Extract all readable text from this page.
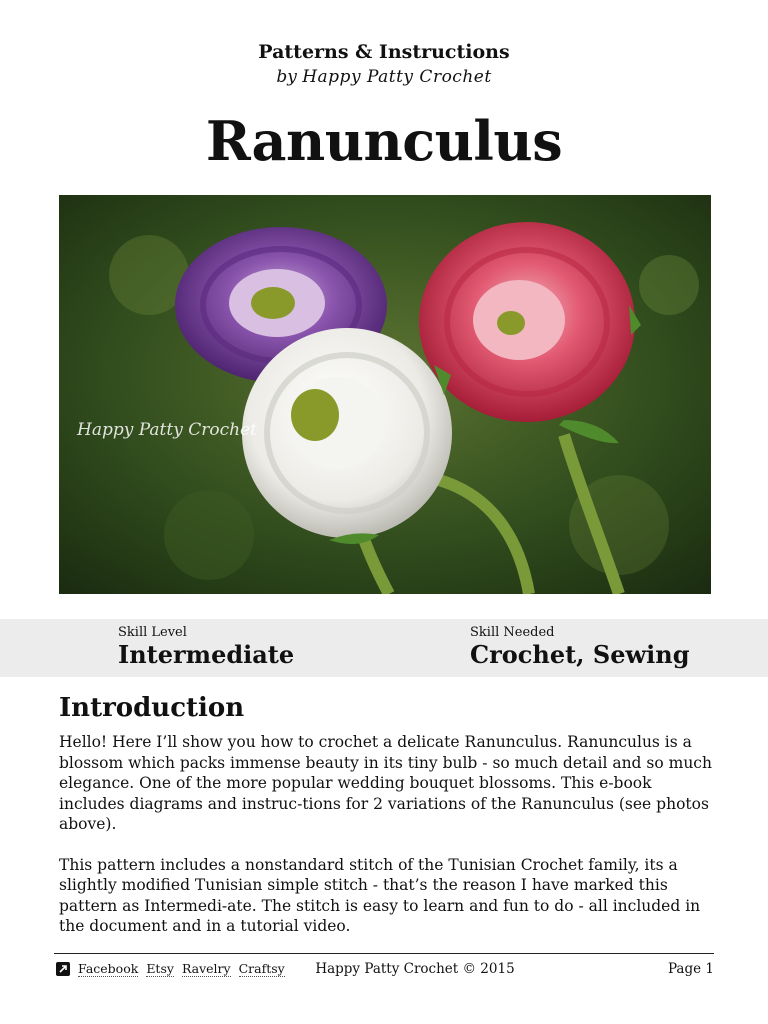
Patterns & Instructions
by Happy Patty Crochet
Ranunculus
Happy Patty Crochet
Skill Level
Intermediate
Skill Needed
Crochet, Sewing
Introduction

Hello! Here I’ll show you how to crochet a delicate Ranunculus. Ranunculus is a blossom which packs immense beauty in its tiny bulb - so much detail and so much elegance. One of the more popular wedding bouquet blossoms. This e-book includes diagrams and instruc-tions for 2 variations of the Ranunculus (see photos above).

This pattern includes a nonstandard stitch of the Tunisian Crochet family, its a slightly modified Tunisian simple stitch - that’s the reason I have marked this pattern as Intermedi-ate. The stitch is easy to learn and fun to do - all included in the document and in a tutorial video.

Facebook Etsy Ravelry Craftsy	Happy Patty Crochet © 2015	Page 1
